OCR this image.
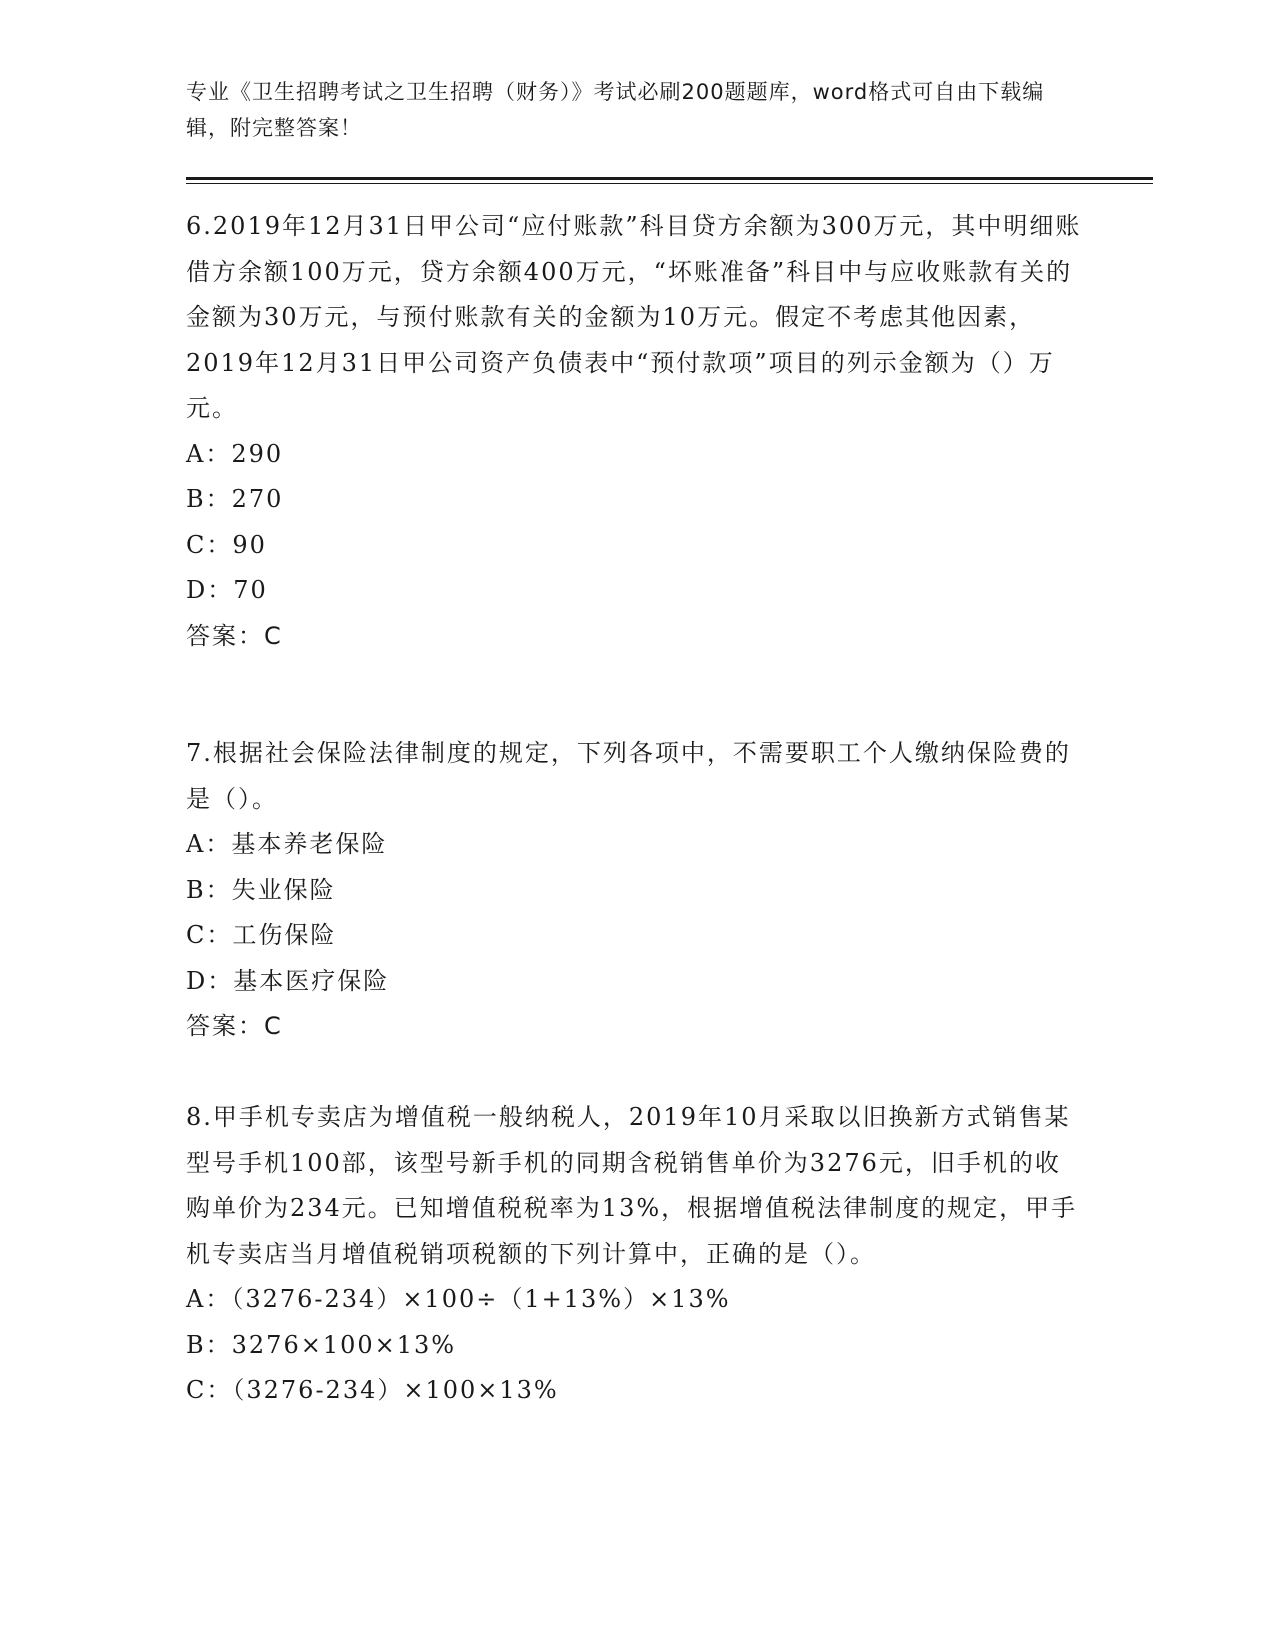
专业《卫生招聘考试之卫生招聘（财务）》考试必刷200题题库，word格式可自由下载编辑，附完整答案！

6.2019年12月31日甲公司“应付账款”科目贷方余额为300万元，其中明细账借方余额100万元，贷方余额400万元，“坏账准备”科目中与应收账款有关的金额为30万元，与预付账款有关的金额为10万元。假定不考虑其他因素，2019年12月31日甲公司资产负债表中“预付款项”项目的列示金额为（）万元。

A：290

B：270

C：90

D：70

答案：C

7.根据社会保险法律制度的规定，下列各项中，不需要职工个人缴纳保险费的是（）。

A：基本养老保险

B：失业保险

C：工伤保险

D：基本医疗保险

答案：C

8.甲手机专卖店为增值税一般纳税人，2019年10月采取以旧换新方式销售某型号手机100部，该型号新手机的同期含税销售单价为3276元，旧手机的收购单价为234元。已知增值税税率为13%，根据增值税法律制度的规定，甲手机专卖店当月增值税销项税额的下列计算中，正确的是（）。

A：（3276-234）×100÷（1+13%）×13%

B：3276×100×13%

C：（3276-234）×100×13%
